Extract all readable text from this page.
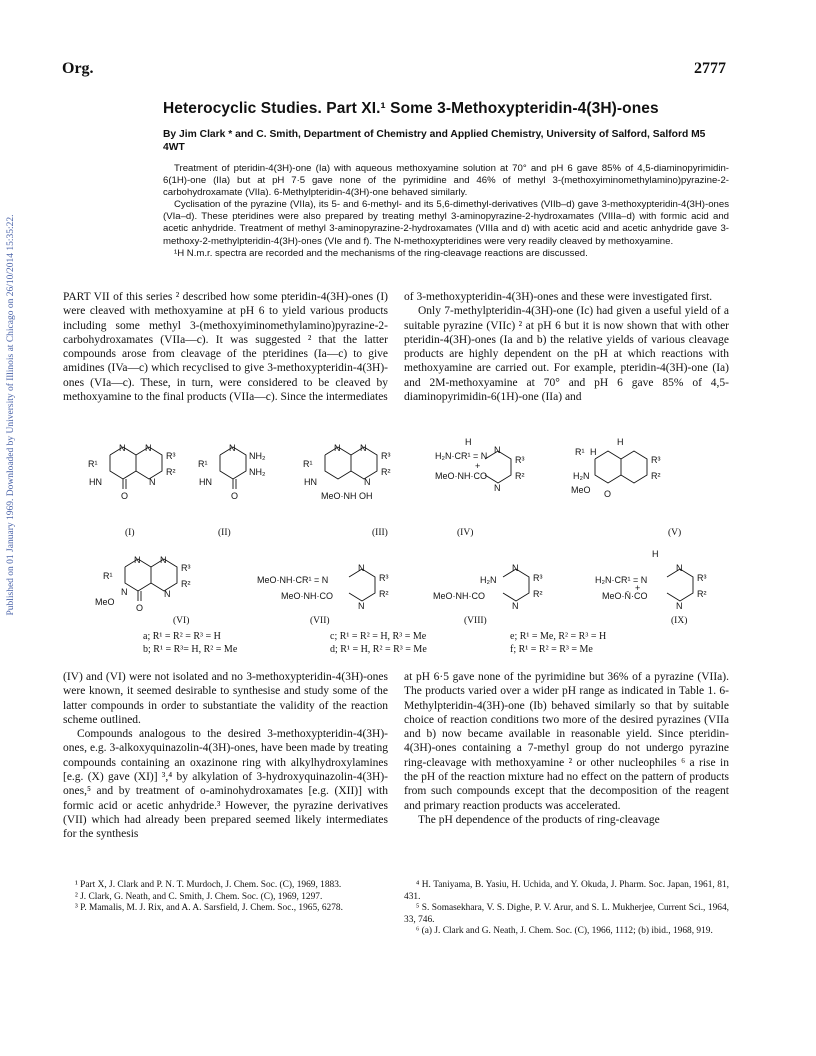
Org.	2777
Heterocyclic Studies. Part XI.¹ Some 3-Methoxypteridin-4(3H)-ones
By Jim Clark * and C. Smith, Department of Chemistry and Applied Chemistry, University of Salford, Salford M5 4WT

Treatment of pteridin-4(3H)-one (Ia) with aqueous methoxyamine solution at 70° and pH 6 gave 85% of 4,5-diaminopyrimidin-6(1H)-one (IIa) but at pH 7·5 gave none of the pyrimidine and 46% of methyl 3-(methoxyiminomethylamino)pyrazine-2-carbohydroxamate (VIIa). 6-Methylpteridin-4(3H)-one behaved similarly.

Cyclisation of the pyrazine (VIIa), its 5- and 6-methyl- and its 5,6-dimethyl-derivatives (VIIb–d) gave 3-methoxypteridin-4(3H)-ones (VIa–d). These pteridines were also prepared by treating methyl 3-aminopyrazine-2-hydroxamates (VIIIa–d) with formic acid and acetic anhydride. Treatment of methyl 3-aminopyrazine-2-hydroxamates (VIIIa and d) with acetic acid and acetic anhydride gave 3-methoxy-2-methylpteridin-4(3H)-ones (VIe and f). The N-methoxypteridines were very readily cleaved by methoxyamine.

¹H N.m.r. spectra are recorded and the mechanisms of the ring-cleavage reactions are discussed.

Published on 01 January 1969. Downloaded by University of Illinois at Chicago on 26/10/2014 15:35:22.	PART VII of this series ² described how some pteridin-4(3H)-ones (I) were cleaved with methoxyamine at pH 6 to yield various products including some methyl 3-(methoxyiminomethylamino)pyrazine-2-carbohydroxamates (VIIa—c). It was suggested ² that the latter compounds arose from cleavage of the pteridines (Ia—c) to give amidines (IVa—c) which recyclised to give 3-methoxypteridin-4(3H)-ones (VIa—c). These, in turn, were considered to be cleaved by methoxyamine to the final products (VIIa—c). Since the intermediates

of 3-methoxypteridin-4(3H)-ones and these were investigated first.

Only 7-methylpteridin-4(3H)-one (Ic) had given a useful yield of a suitable pyrazine (VIIc) ² at pH 6 but it is now shown that with other pteridin-4(3H)-ones (Ia and b) the relative yields of various cleavage products are highly dependent on the pH at which reactions with methoxyamine are carried out. For example, pteridin-4(3H)-one (Ia) and 2M-methoxyamine at 70° and pH 6 gave 85% of 4,5-diaminopyrimidin-6(1H)-one (IIa) and

N N
R¹
R³
R²
HN	N
O
(I)
N
R¹
NH₂
NH₂
HN
O
(II)
N N
R¹
R³
R²
HN	N
MeO·NH OH
(III)
H
H₂N·CR¹ = N
+
N
R³
R²
MeO·NH·CO
N
(IV)
H
R¹ H
R³
R²
H₂N
MeO O
(V)
N N
R¹
R³
R²
N	N
MeO
O
(VI)
MeO·NH·CR¹ = N
MeO·NH·CO
N
R³
R²
N
(VII)
H₂N
MeO·NH·CO
N
R³
R²
N
(VIII)
H
H₂N·CR¹ = N
+
MeO·N̄·CO
N
R³
R²
N
(IX)
a; R¹ = R² = R³ = H
b; R¹ = R³= H, R² = Me
c; R¹ = R² = H, R³ = Me
d; R¹ = H, R² = R³ = Me
e; R¹ = Me, R² = R³ = H
f; R¹ = R² = R³ = Me

(IV) and (VI) were not isolated and no 3-methoxypteridin-4(3H)-ones were known, it seemed desirable to synthesise and study some of the latter compounds in order to substantiate the validity of the reaction scheme outlined.

Compounds analogous to the desired 3-methoxypteridin-4(3H)-ones, e.g. 3-alkoxyquinazolin-4(3H)-ones, have been made by treating compounds containing an oxazinone ring with alkylhydroxylamines [e.g. (X) gave (XI)] ³,⁴ by alkylation of 3-hydroxyquinazolin-4(3H)-ones,⁵ and by treatment of o-aminohydroxamates [e.g. (XII)] with formic acid or acetic anhydride.³ However, the pyrazine derivatives (VII) which had already been prepared seemed likely intermediates for the synthesis

at pH 6·5 gave none of the pyrimidine but 36% of a pyrazine (VIIa). The products varied over a wider pH range as indicated in Table 1. 6-Methylpteridin-4(3H)-one (Ib) behaved similarly so that by suitable choice of reaction conditions two more of the desired pyrazines (VIIa and b) now became available in reasonable yield. Since pteridin-4(3H)-ones containing a 7-methyl group do not undergo pyrazine ring-cleavage with methoxyamine ² or other nucleophiles ⁶ a rise in the pH of the reaction mixture had no effect on the pattern of products from such compounds except that the decomposition of the reagent and primary reaction products was accelerated.

The pH dependence of the products of ring-cleavage

¹ Part X, J. Clark and P. N. T. Murdoch, J. Chem. Soc. (C), 1969, 1883.

² J. Clark, G. Neath, and C. Smith, J. Chem. Soc. (C), 1969, 1297.

³ P. Mamalis, M. J. Rix, and A. A. Sarsfield, J. Chem. Soc., 1965, 6278.

⁴ H. Taniyama, B. Yasiu, H. Uchida, and Y. Okuda, J. Pharm. Soc. Japan, 1961, 81, 431.

⁵ S. Somasekhara, V. S. Dighe, P. V. Arur, and S. L. Mukherjee, Current Sci., 1964, 33, 746.

⁶ (a) J. Clark and G. Neath, J. Chem. Soc. (C), 1966, 1112; (b) ibid., 1968, 919.
